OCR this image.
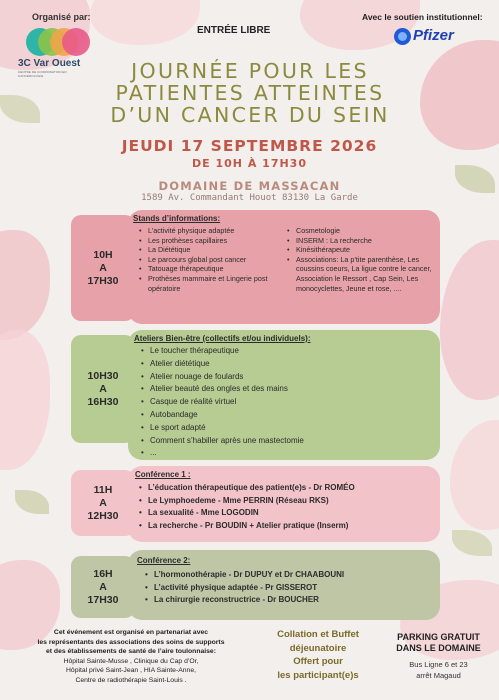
Organisé par:
3C Var Ouest
CENTRE DE COORDINATION EN CANCÉROLOGIE
ENTRÉE LIBRE
Avec le soutien institutionnel:
Pfizer
JOURNÉE POUR LES
PATIENTES ATTEINTES
D’UN CANCER DU SEIN
JEUDI 17 SEPTEMBRE 2026
DE 10H À 17H30
DOMAINE DE MASSACAN
1589 Av. Commandant Houot 83130 La Garde
10H
A
17H30
Stands d’informations:
• L’activité physique adaptée
• Les prothèses capillaires
• La Diététique
• Le parcours global post cancer
• Tatouage thérapeutique
• Prothèses mammaire et Lingerie post opératoire
• Cosmetologie
• INSERM : La recherche
• Kinésithérapeute
• Associations: La p’tite parenthèse, Les coussins coeurs, La ligue contre le cancer, Association le Ressort , Cap Sein, Les monocyclettes, Jeune et rose, ....
10H30
A
16H30
Ateliers Bien-être (collectifs et/ou individuels):
• Le toucher thérapeutique
• Atelier diététique
• Atelier nouage de foulards
• Atelier beauté des ongles et des mains
• Casque de réalité virtuel
• Autobandage
• Le sport adapté
• Comment s’habiller après une mastectomie
• ...
11H
A
12H30
Conférence 1 :
• L’éducation thérapeutique des patient(e)s - Dr ROMÉO
• Le Lymphoedeme - Mme PERRIN (Réseau RKS)
• La sexualité - Mme LOGODIN
• La recherche - Pr BOUDIN + Atelier pratique (Inserm)
16H
A
17H30
Conférence 2:
• L’hormonothérapie - Dr DUPUY et Dr CHAABOUNI
• L’activité physique adaptée - Pr GISSEROT
• La chirurgie reconstructrice - Dr BOUCHER
Cet événement est organisé en partenariat avec
les représentants des associations des soins de supports
et des établissements de santé de l’aire toulonnaise:
Hôpital Sainte-Musse , Clinique du Cap d’Or,
Hôpital privé Saint-Jean , HIA Sainte-Anne,
Centre de radiothérapie Saint-Louis .
Collation et Buffet
déjeunatoire
Offert pour
les participant(e)s
PARKING GRATUIT
DANS LE DOMAINE
Bus Ligne 6 et 23
arrêt Magaud
